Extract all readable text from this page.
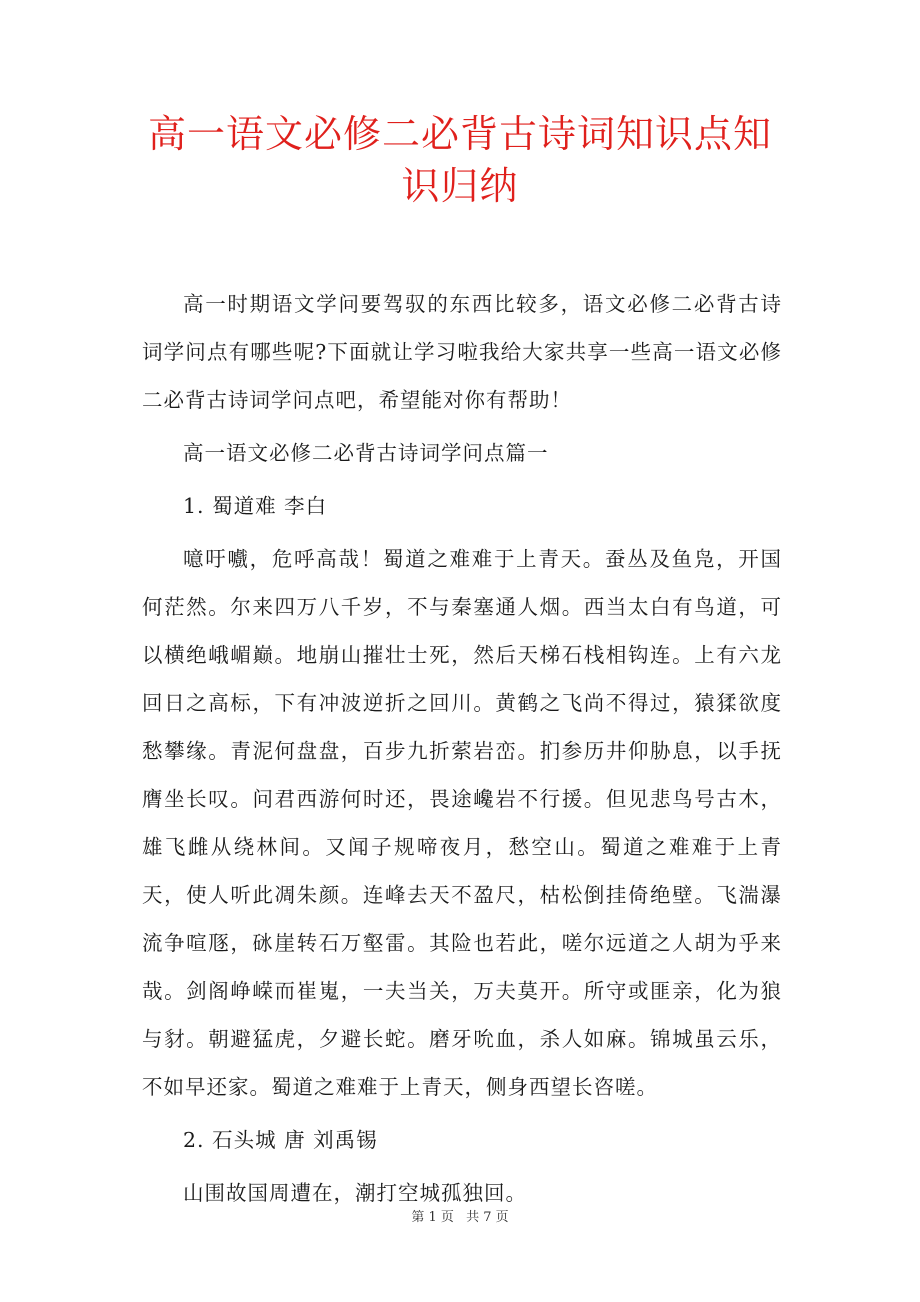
高一语文必修二必背古诗词知识点知识归纳

高一时期语文学问要驾驭的东西比较多，语文必修二必背古诗词学问点有哪些呢?下面就让学习啦我给大家共享一些高一语文必修二必背古诗词学问点吧，希望能对你有帮助！

高一语文必修二必背古诗词学问点篇一

1. 蜀道难 李白

噫吁嚱，危呼高哉！蜀道之难难于上青天。蚕丛及鱼凫，开国何茫然。尔来四万八千岁，不与秦塞通人烟。西当太白有鸟道，可以横绝峨嵋巅。地崩山摧壮士死，然后天梯石栈相钩连。上有六龙回日之高标，下有冲波逆折之回川。黄鹤之飞尚不得过，猿猱欲度愁攀缘。青泥何盘盘，百步九折萦岩峦。扪参历井仰胁息，以手抚膺坐长叹。问君西游何时还，畏途巉岩不行援。但见悲鸟号古木，雄飞雌从绕林间。又闻子规啼夜月，愁空山。蜀道之难难于上青天，使人听此凋朱颜。连峰去天不盈尺，枯松倒挂倚绝壁。飞湍瀑流争喧豗，砯崖转石万壑雷。其险也若此，嗟尔远道之人胡为乎来哉。剑阁峥嵘而崔嵬，一夫当关，万夫莫开。所守或匪亲，化为狼与豺。朝避猛虎，夕避长蛇。磨牙吮血，杀人如麻。锦城虽云乐，不如早还家。蜀道之难难于上青天，侧身西望长咨嗟。

2. 石头城 唐 刘禹锡

山围故国周遭在，潮打空城孤独回。

第 1 页 共 7 页
